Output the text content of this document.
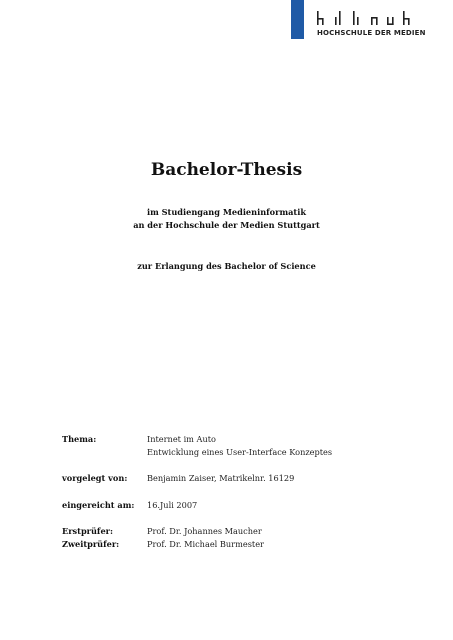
HOCHSCHULE DER MEDIEN
Bachelor-Thesis
im Studiengang Medieninformatik
an der Hochschule der Medien Stuttgart
zur Erlangung des Bachelor of Science
Thema:	Internet im Auto
Entwicklung eines User-Interface Konzeptes
vorgelegt von: Benjamin Zaiser, Matrikelnr. 16129
eingereicht am: 16.Juli 2007
Erstprüfer:	Prof. Dr. Johannes Maucher
Zweitprüfer:	Prof. Dr. Michael Burmester
